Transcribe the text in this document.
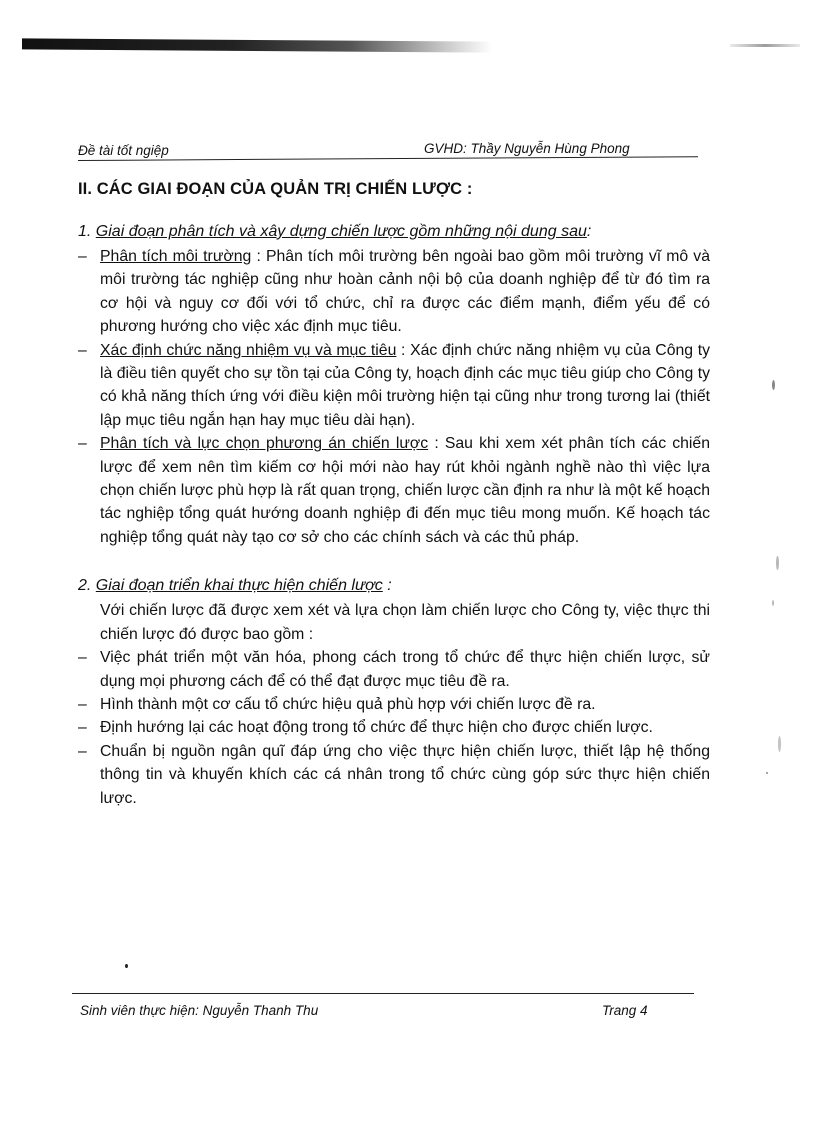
Đề tài tốt ngiệp	GVHD: Thầy Nguyễn Hùng Phong
II. CÁC GIAI ĐOẠN CỦA QUẢN TRỊ CHIẾN LƯỢC :
1. Giai đoạn phân tích và xây dựng chiến lược gồm những nội dung sau:
– Phân tích môi trường : Phân tích môi trường bên ngoài bao gồm môi trường vĩ mô và môi trường tác nghiệp cũng như hoàn cảnh nội bộ của doanh nghiệp để từ đó tìm ra cơ hội và nguy cơ đối với tổ chức, chỉ ra được các điểm mạnh, điểm yếu để có phương hướng cho việc xác định mục tiêu.
– Xác định chức năng nhiệm vụ và mục tiêu : Xác định chức năng nhiệm vụ của Công ty là điều tiên quyết cho sự tồn tại của Công ty, hoạch định các mục tiêu giúp cho Công ty có khả năng thích ứng với điều kiện môi trường hiện tại cũng như trong tương lai (thiết lập mục tiêu ngắn hạn hay mục tiêu dài hạn).
– Phân tích và lực chọn phương án chiến lược : Sau khi xem xét phân tích các chiến lược để xem nên tìm kiếm cơ hội mới nào hay rút khỏi ngành nghề nào thì việc lựa chọn chiến lược phù hợp là rất quan trọng, chiến lược cần định ra như là một kế hoạch tác nghiệp tổng quát hướng doanh nghiệp đi đến mục tiêu mong muốn. Kế hoạch tác nghiệp tổng quát này tạo cơ sở cho các chính sách và các thủ pháp.
2. Giai đoạn triển khai thực hiện chiến lược :
Với chiến lược đã được xem xét và lựa chọn làm chiến lược cho Công ty, việc thực thi chiến lược đó được bao gồm :
– Việc phát triển một văn hóa, phong cách trong tổ chức để thực hiện chiến lược, sử dụng mọi phương cách để có thể đạt được mục tiêu đề ra.
– Hình thành một cơ cấu tổ chức hiệu quả phù hợp với chiến lược đề ra.
– Định hướng lại các hoạt động trong tổ chức để thực hiện cho được chiến lược.
– Chuẩn bị nguồn ngân quĩ đáp ứng cho việc thực hiện chiến lược, thiết lập hệ thống thông tin và khuyến khích các cá nhân trong tổ chức cùng góp sức thực hiện chiến lược.
Sinh viên thực hiện: Nguyễn Thanh Thu	Trang 4
